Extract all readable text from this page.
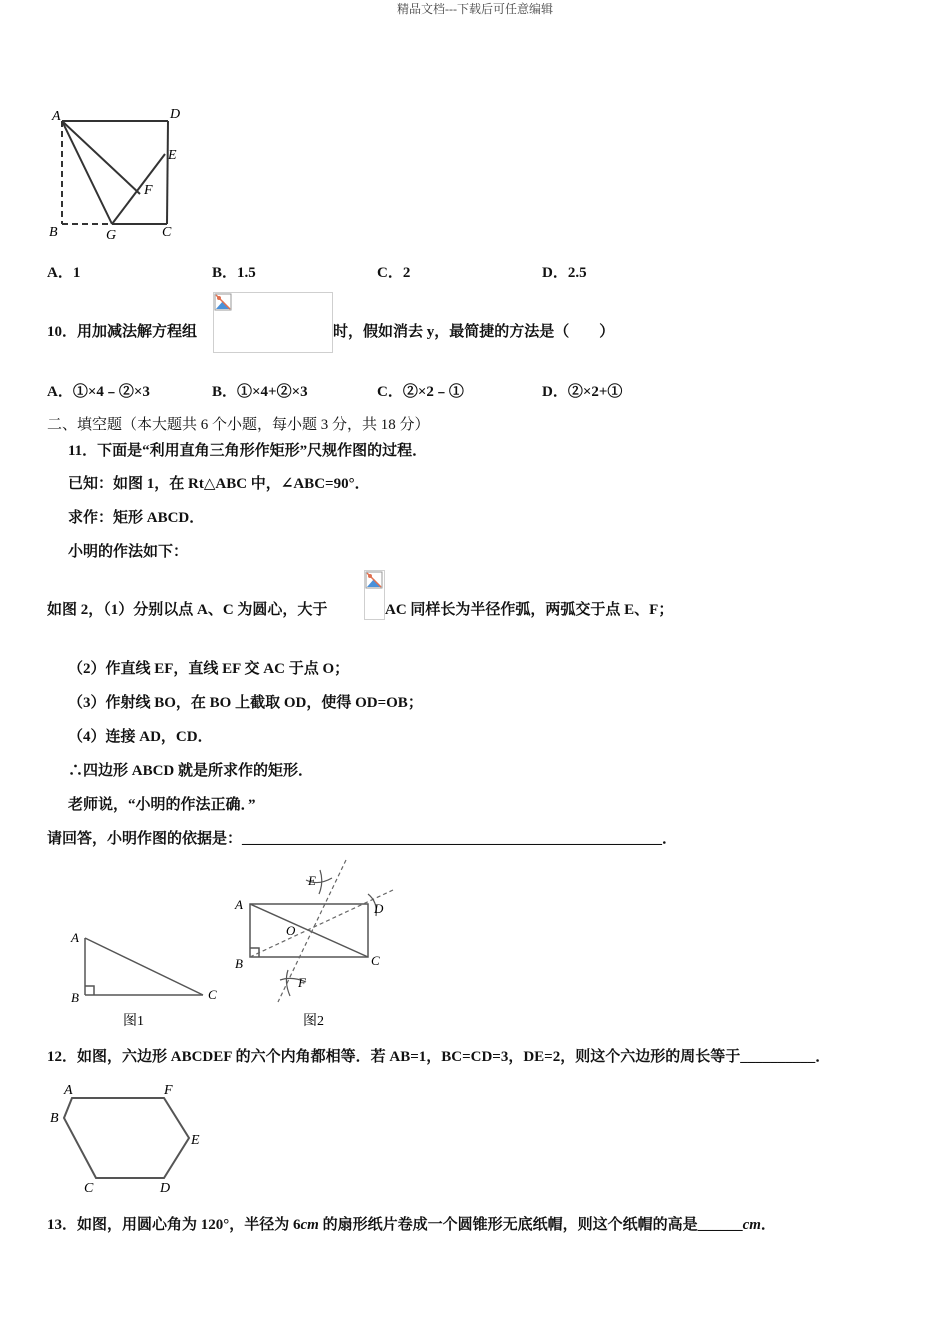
精品文档---下载后可任意编辑
A	D
E
F
B	G	C
A．1	B．1.5	C．2	D．2.5
10．用加减法解方程组	时，假如消去 y，最简捷的方法是（　　）
A．①×4﹣②×3	B．①×4+②×3	C．②×2﹣①	D．②×2+①
二、填空题（本大题共 6 个小题，每小题 3 分，共 18 分）
11．下面是“利用直角三角形作矩形”尺规作图的过程．
已知：如图 1，在 Rt△ABC 中，∠ABC=90°．
求作：矩形 ABCD．
小明的作法如下：
如图 2，（1）分别以点 A、C 为圆心，大于	AC 同样长为半径作弧，两弧交于点 E、F；
（2）作直线 EF，直线 EF 交 AC 于点 O；
（3）作射线 BO，在 BO 上截取 OD，使得 OD=OB；
（4）连接 AD，CD．
∴四边形 ABCD 就是所求作的矩形．
老师说，“小明的作法正确．”
请回答，小明作图的依据是：________________________________________________________．
A
B	C
图1
E
A	D
O
B	C
F
图2
12．如图，六边形 ABCDEF 的六个内角都相等．若 AB=1，BC=CD=3，DE=2，则这个六边形的周长等于__________．
A	F
B
E
C	D
13．如图，用圆心角为 120°，半径为 6cm 的扇形纸片卷成一个圆锥形无底纸帽，则这个纸帽的高是______cm．
